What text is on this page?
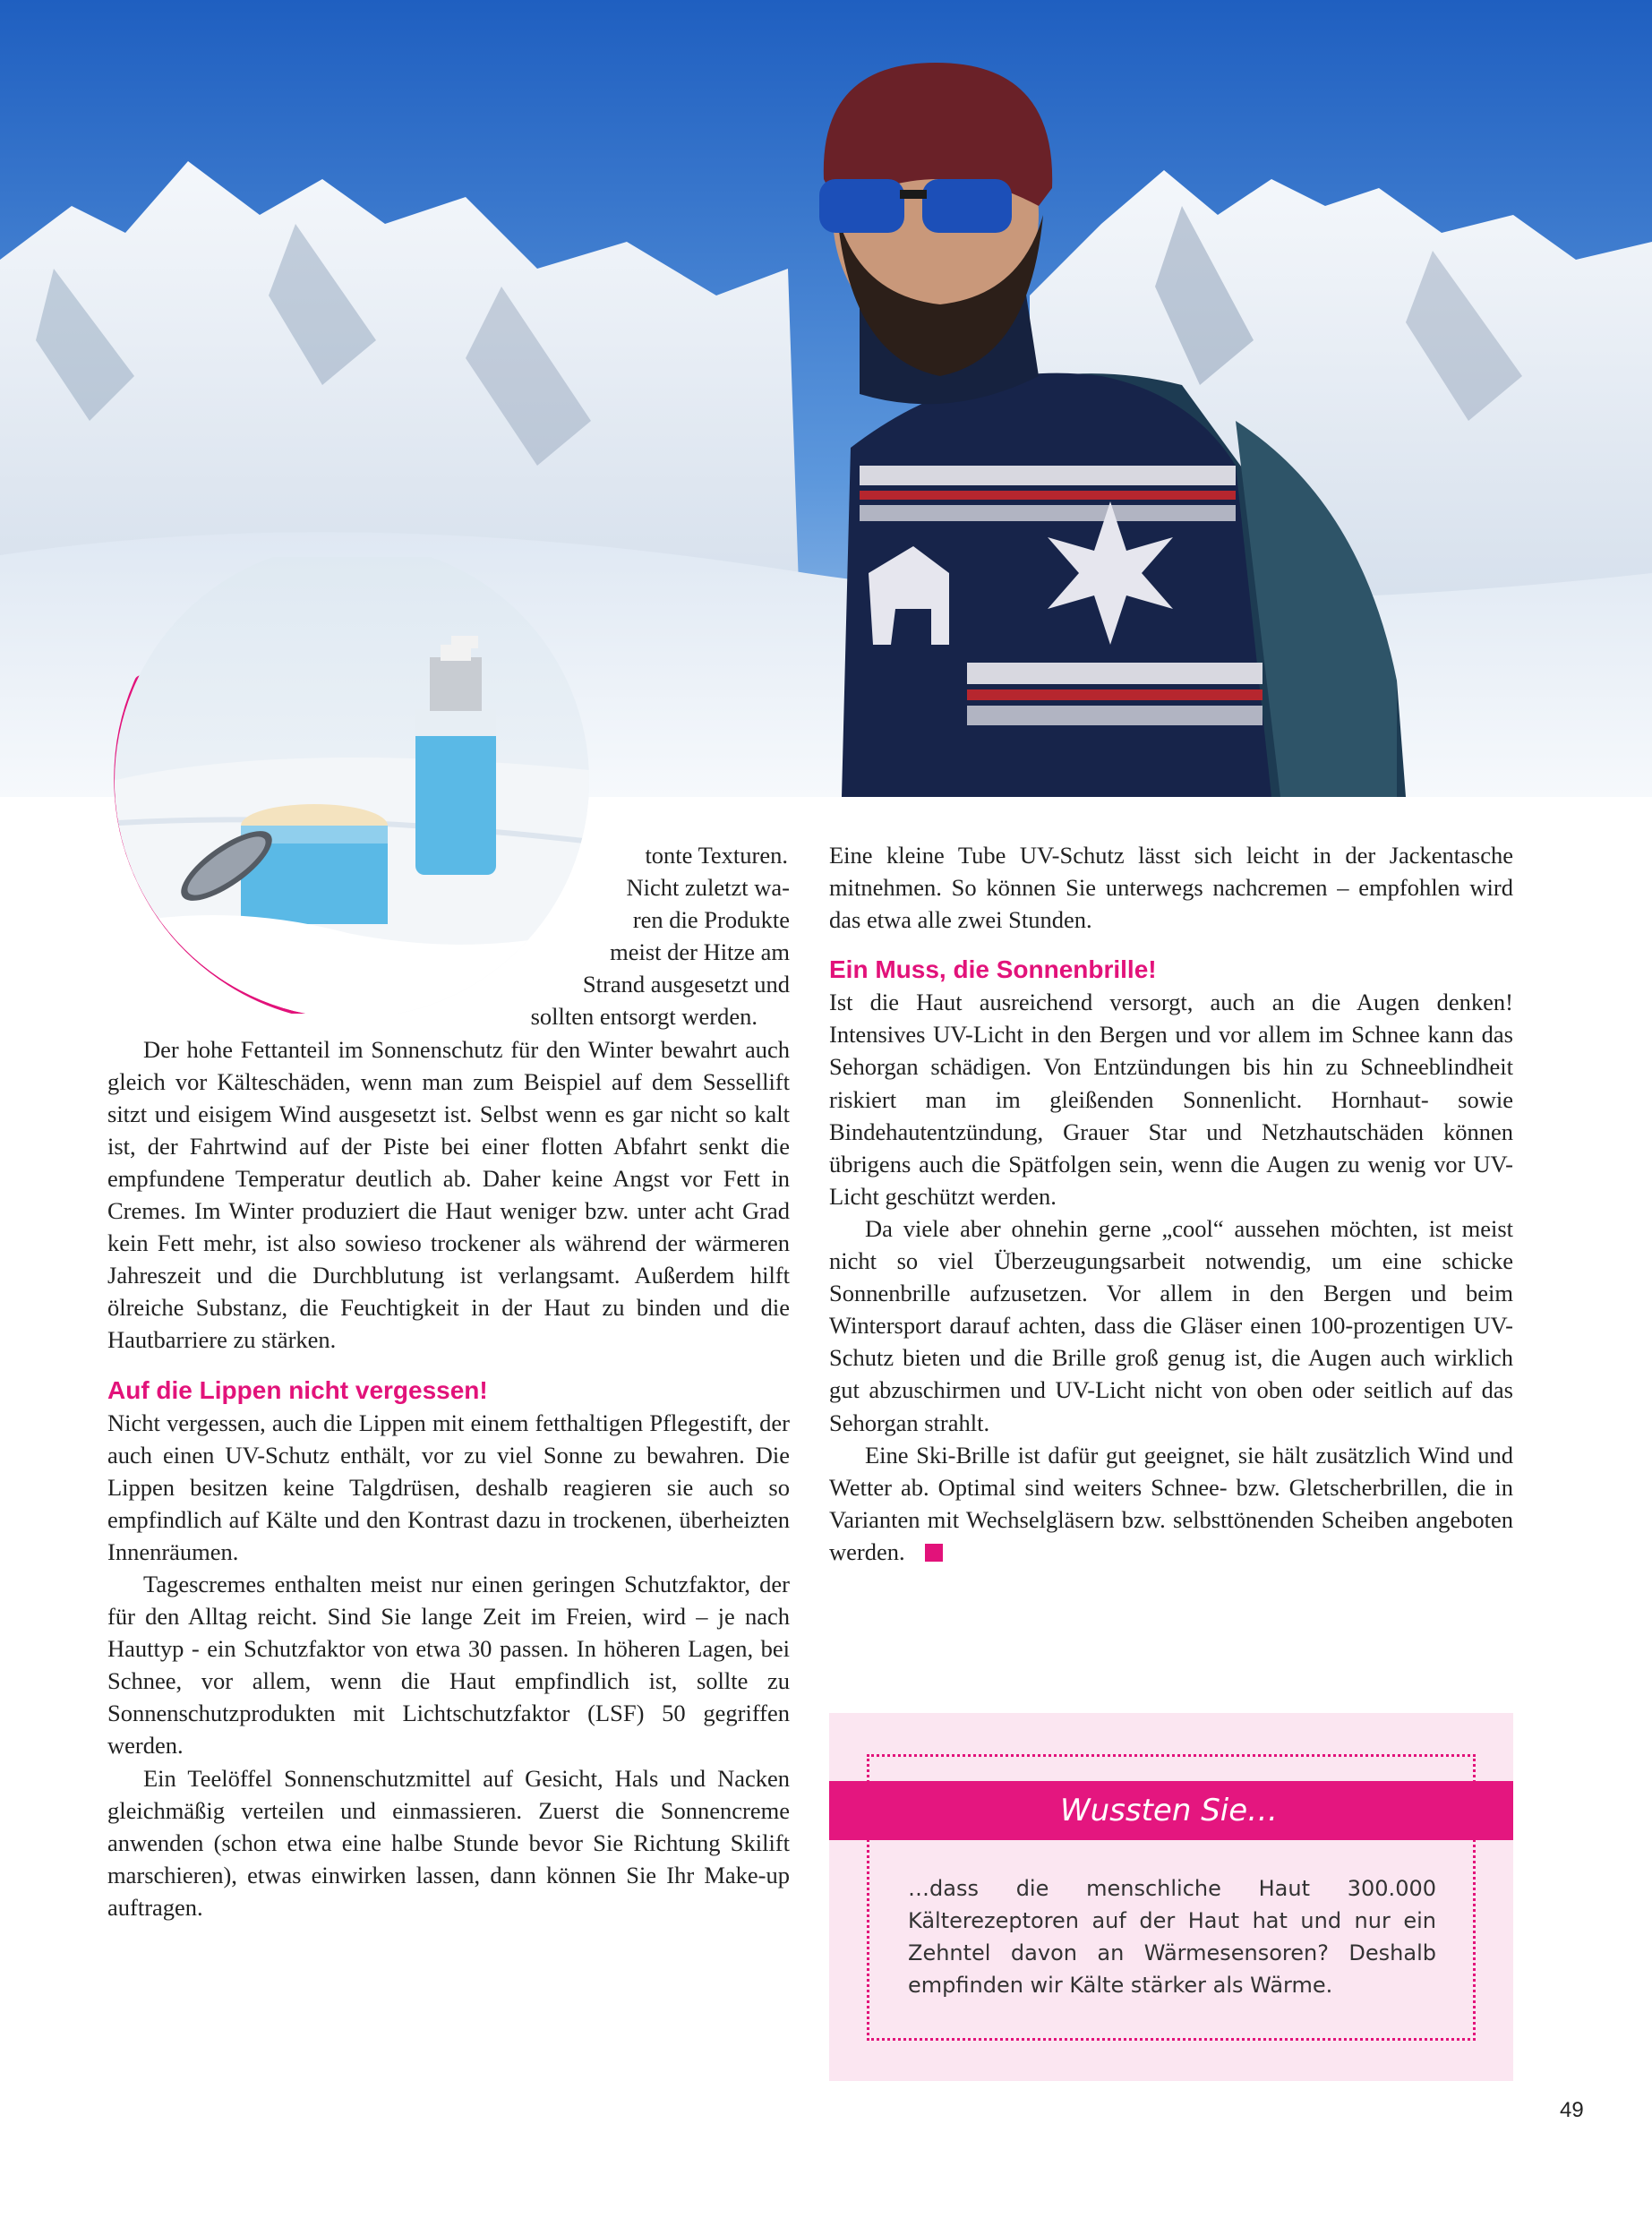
tonte Texturen.

Nicht zuletzt wa-

ren die Produkte

meist der Hitze am

Strand ausgesetzt und

sollten entsorgt werden.

Der hohe Fettanteil im Sonnenschutz für den Winter bewahrt auch gleich vor Kälteschäden, wenn man zum Beispiel auf dem Sessellift sitzt und eisigem Wind ausgesetzt ist. Selbst wenn es gar nicht so kalt ist, der Fahrtwind auf der Piste bei einer flotten Abfahrt senkt die empfundene Temperatur deutlich ab. Daher keine Angst vor Fett in Cremes. Im Winter produziert die Haut weniger bzw. unter acht Grad kein Fett mehr, ist also sowieso trockener als während der wärmeren Jahreszeit und die Durchblutung ist verlangsamt. Außerdem hilft ölreiche Substanz, die Feuchtigkeit in der Haut zu binden und die Hautbarriere zu stärken.

Auf die Lippen nicht vergessen!

Nicht vergessen, auch die Lippen mit einem fetthaltigen Pflegestift, der auch einen UV-Schutz enthält, vor zu viel Sonne zu bewahren. Die Lippen besitzen keine Talgdrüsen, deshalb reagieren sie auch so empfindlich auf Kälte und den Kontrast dazu in trockenen, überheizten Innenräumen.

Tagescremes enthalten meist nur einen geringen Schutzfaktor, der für den Alltag reicht. Sind Sie lange Zeit im Freien, wird – je nach Hauttyp - ein Schutzfaktor von etwa 30 passen. In höheren Lagen, bei Schnee, vor allem, wenn die Haut empfindlich ist, sollte zu Sonnenschutzprodukten mit Lichtschutzfaktor (LSF) 50 gegriffen werden.

Ein Teelöffel Sonnenschutzmittel auf Gesicht, Hals und Nacken gleichmäßig verteilen und einmassieren. Zuerst die Sonnencreme anwenden (schon etwa eine halbe Stunde bevor Sie Richtung Skilift marschieren), etwas einwirken lassen, dann können Sie Ihr Make-up auftragen.

Eine kleine Tube UV-Schutz lässt sich leicht in der Jackentasche mitnehmen. So können Sie unterwegs nachcremen – empfohlen wird das etwa alle zwei Stunden.

Ein Muss, die Sonnenbrille!

Ist die Haut ausreichend versorgt, auch an die Augen denken! Intensives UV-Licht in den Bergen und vor allem im Schnee kann das Sehorgan schädigen. Von Entzündungen bis hin zu Schneeblindheit riskiert man im gleißenden Sonnenlicht. Hornhaut- sowie Bindehautentzündung, Grauer Star und Netzhautschäden können übrigens auch die Spätfolgen sein, wenn die Augen zu wenig vor UV-Licht geschützt werden.

Da viele aber ohnehin gerne „cool“ aussehen möchten, ist meist nicht so viel Überzeugungsarbeit notwendig, um eine schicke Sonnenbrille aufzusetzen. Vor allem in den Bergen und beim Wintersport darauf achten, dass die Gläser einen 100-prozentigen UV-Schutz bieten und die Brille groß genug ist, die Augen auch wirklich gut abzuschirmen und UV-Licht nicht von oben oder seitlich auf das Sehorgan strahlt.

Eine Ski-Brille ist dafür gut geeignet, sie hält zusätzlich Wind und Wetter ab. Optimal sind weiters Schnee- bzw. Gletscherbrillen, die in Varianten mit Wechselgläsern bzw. selbsttönenden Scheiben angeboten werden.

Wussten Sie…

…dass die menschliche Haut 300.000 Kälterezeptoren auf der Haut hat und nur ein Zehntel davon an Wärmesensoren? Deshalb empfinden wir Kälte stärker als Wärme.

49
